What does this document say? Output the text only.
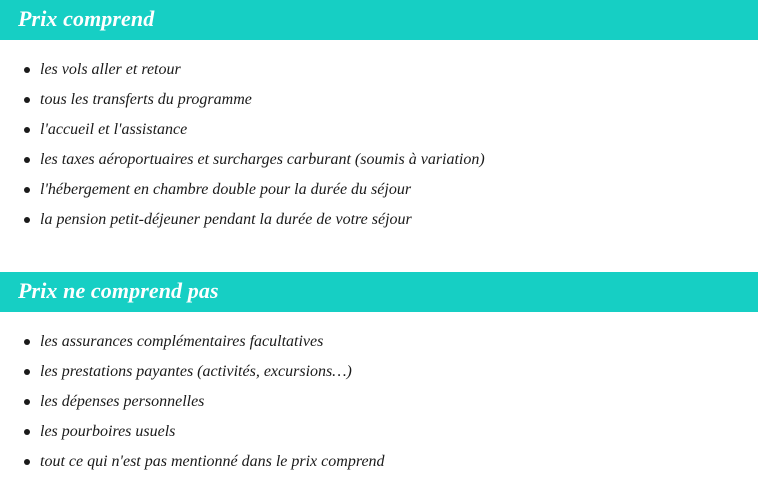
Prix comprend
les vols aller et retour
tous les transferts du programme
l'accueil et l'assistance
les taxes aéroportuaires et surcharges carburant (soumis à variation)
l'hébergement en chambre double pour la durée du séjour
la pension petit-déjeuner pendant la durée de votre séjour
Prix ne comprend pas
les assurances complémentaires facultatives
les prestations payantes (activités, excursions…)
les dépenses personnelles
les pourboires usuels
tout ce qui n'est pas mentionné dans le prix comprend
